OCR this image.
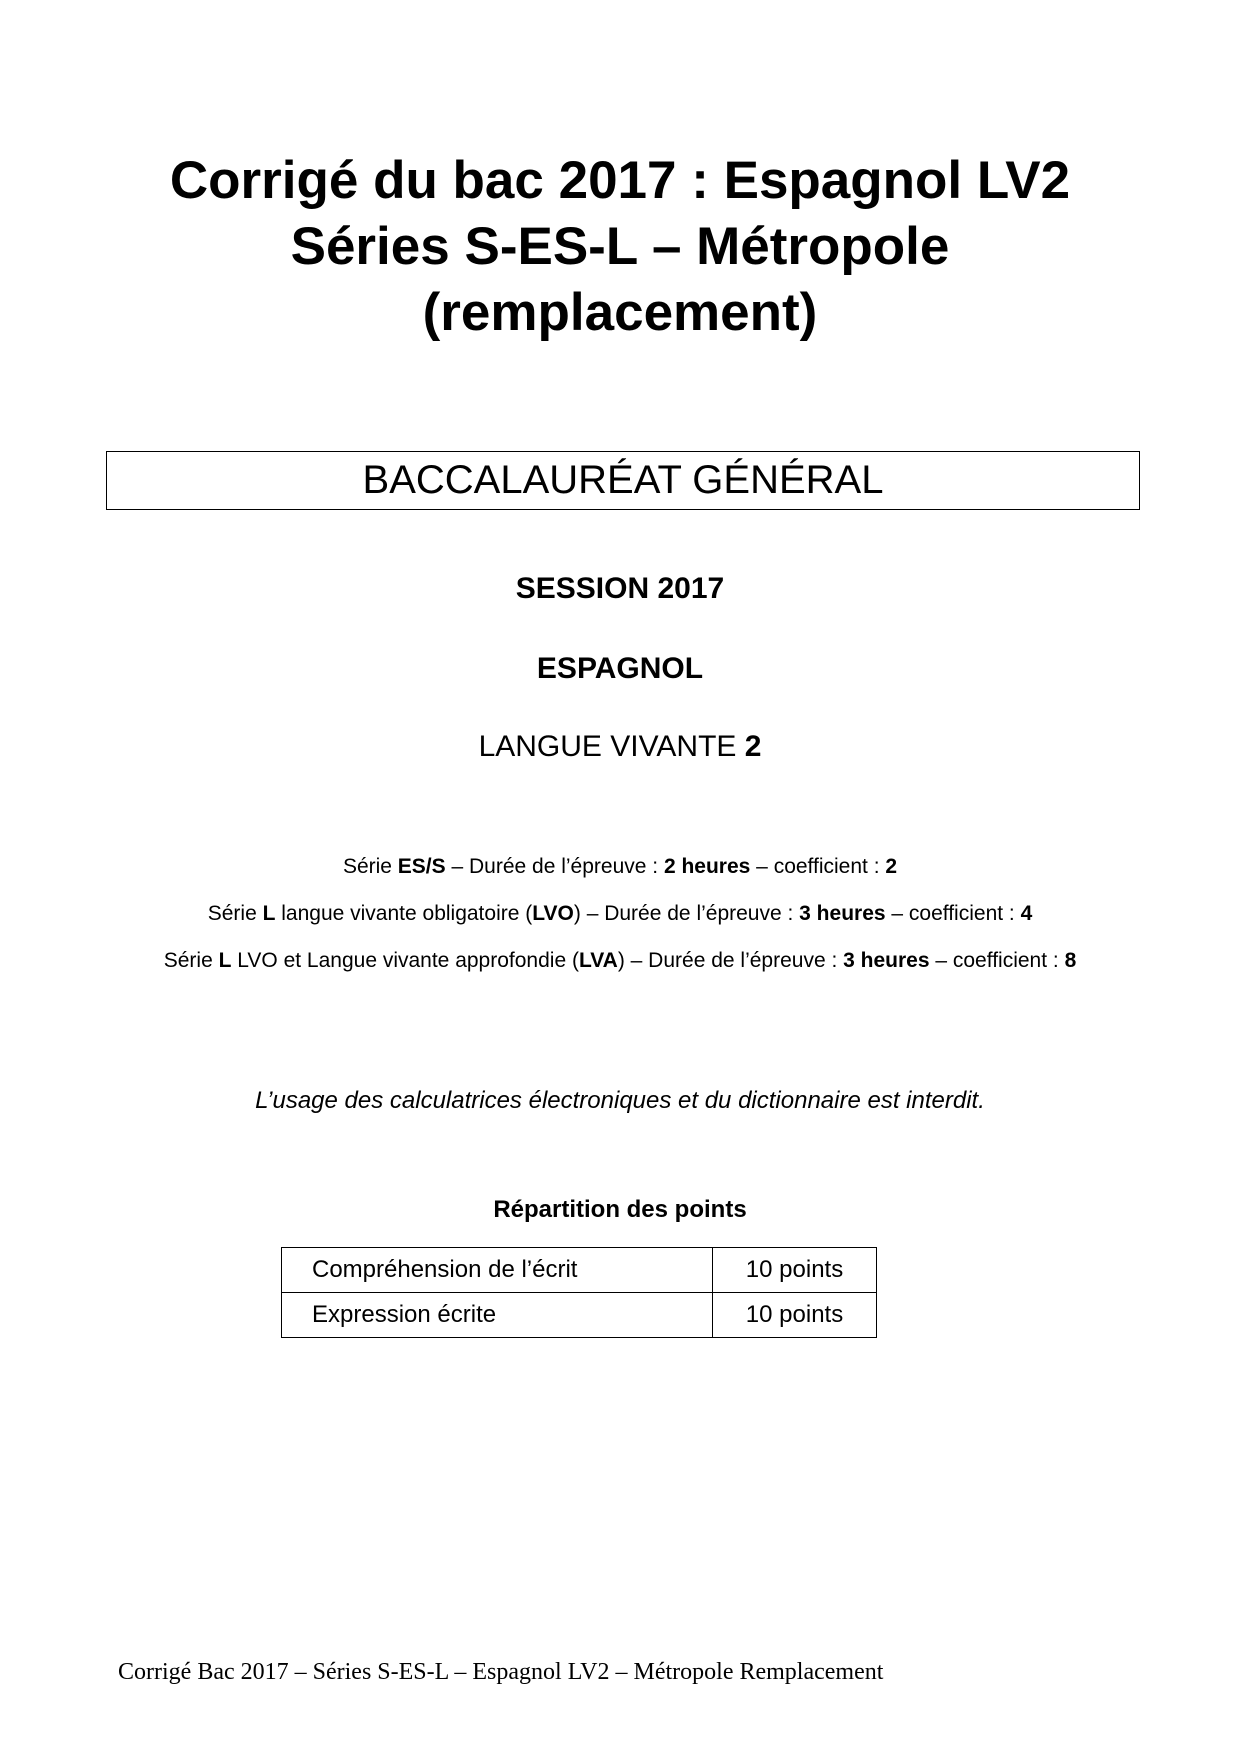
Corrigé du bac 2017 : Espagnol LV2
Séries S-ES-L – Métropole
(remplacement)
BACCALAURÉAT GÉNÉRAL
SESSION 2017
ESPAGNOL
LANGUE VIVANTE 2
Série ES/S – Durée de l’épreuve : 2 heures – coefficient : 2
Série L langue vivante obligatoire (LVO) – Durée de l’épreuve : 3 heures – coefficient : 4
Série L LVO et Langue vivante approfondie (LVA) – Durée de l’épreuve : 3 heures – coefficient : 8
L’usage des calculatrices électroniques et du dictionnaire est interdit.
Répartition des points
Compréhension de l’écrit	10 points
Expression écrite	10 points
Corrigé Bac 2017 – Séries S-ES-L – Espagnol LV2 – Métropole Remplacement
